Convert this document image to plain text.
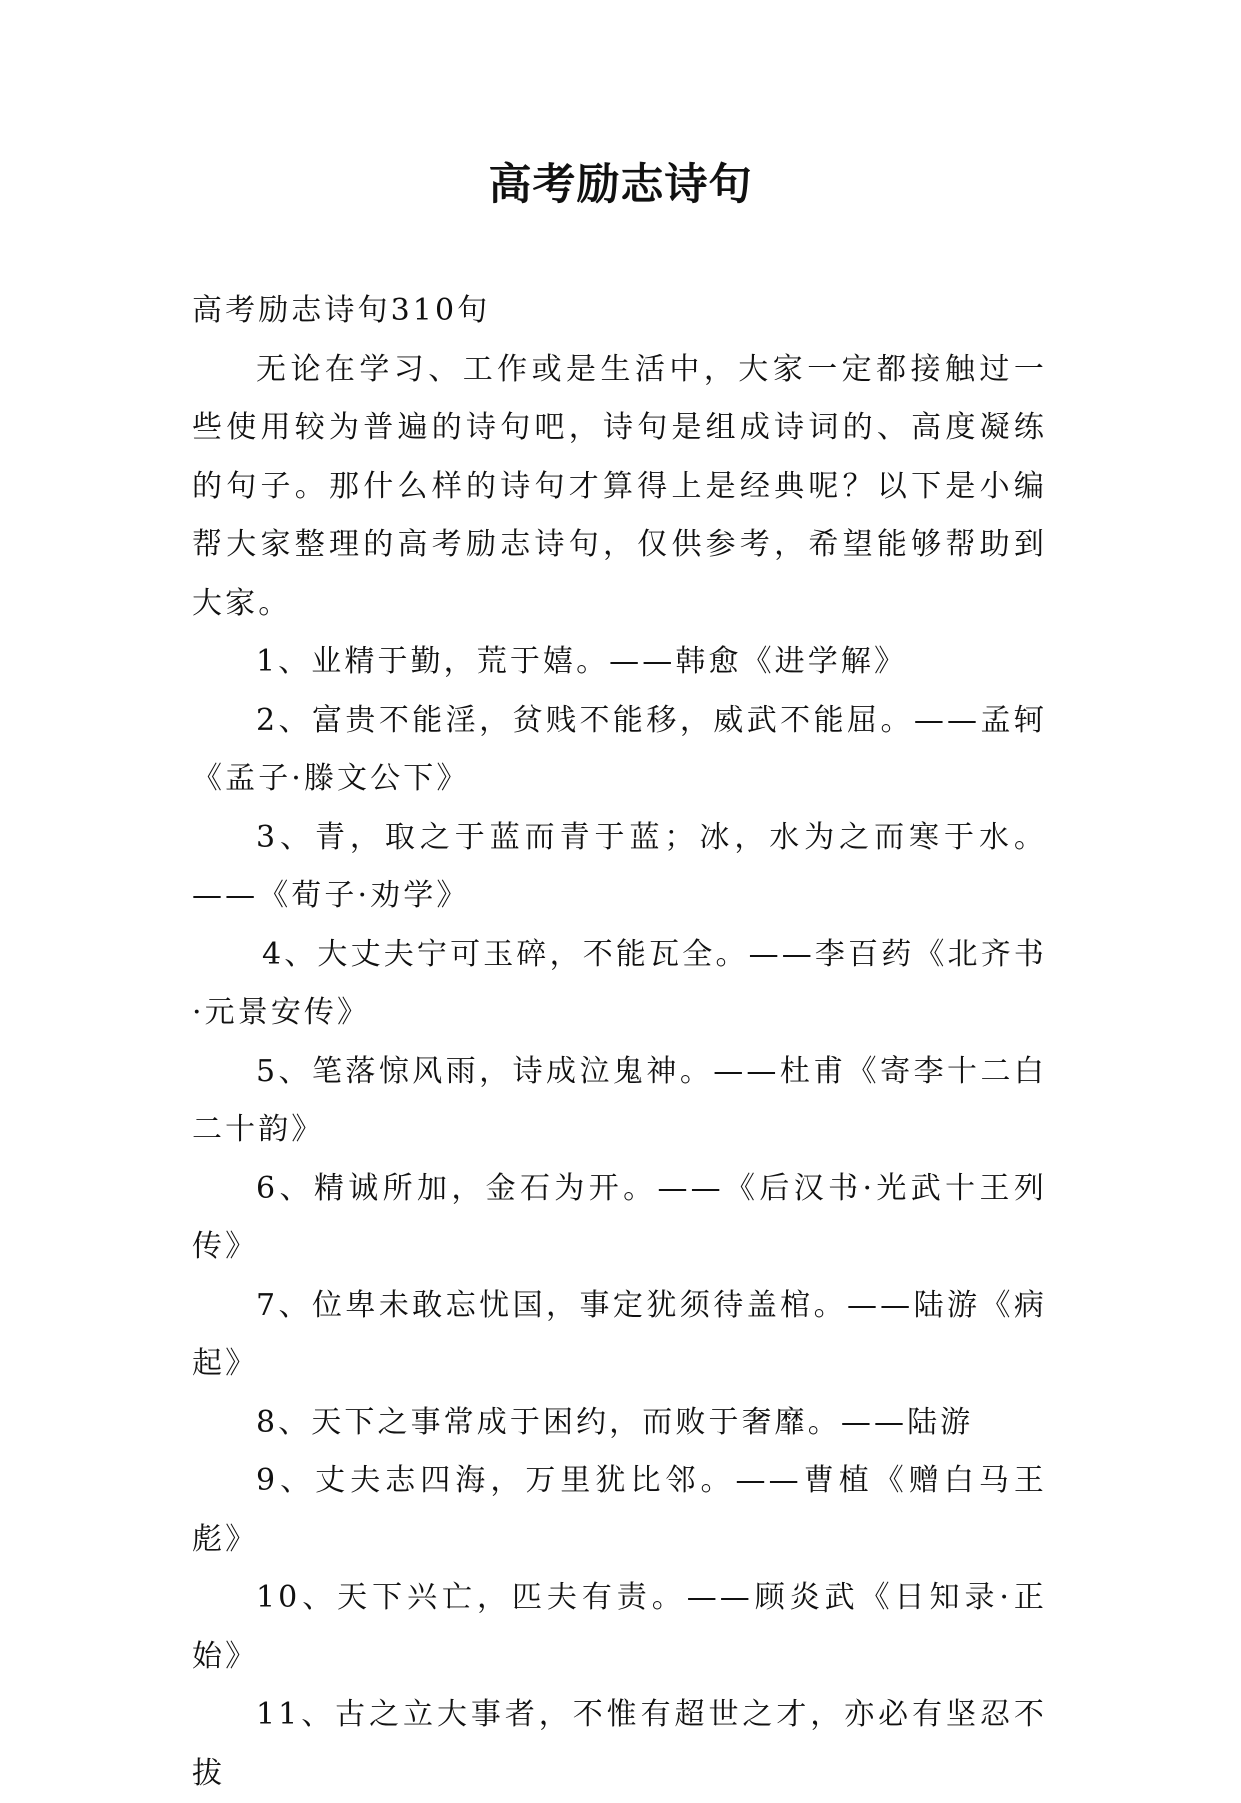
高考励志诗句

高考励志诗句310句

无论在学习、工作或是生活中，大家一定都接触过一些使用较为普遍的诗句吧，诗句是组成诗词的、高度凝练的句子。那什么样的诗句才算得上是经典呢？以下是小编帮大家整理的高考励志诗句，仅供参考，希望能够帮助到大家。

1、业精于勤，荒于嬉。——韩愈《进学解》

2、富贵不能淫，贫贱不能移，威武不能屈。——孟轲《孟子·滕文公下》

3、青，取之于蓝而青于蓝；冰，水为之而寒于水。——《荀子·劝学》

4、大丈夫宁可玉碎，不能瓦全。——李百药《北齐书·元景安传》

5、笔落惊风雨，诗成泣鬼神。——杜甫《寄李十二白二十韵》

6、精诚所加，金石为开。——《后汉书·光武十王列传》

7、位卑未敢忘忧国，事定犹须待盖棺。——陆游《病起》

8、天下之事常成于困约，而败于奢靡。——陆游

9、丈夫志四海，万里犹比邻。——曹植《赠白马王彪》

10、天下兴亡，匹夫有责。——顾炎武《日知录·正始》

11、古之立大事者，不惟有超世之才，亦必有坚忍不拔
